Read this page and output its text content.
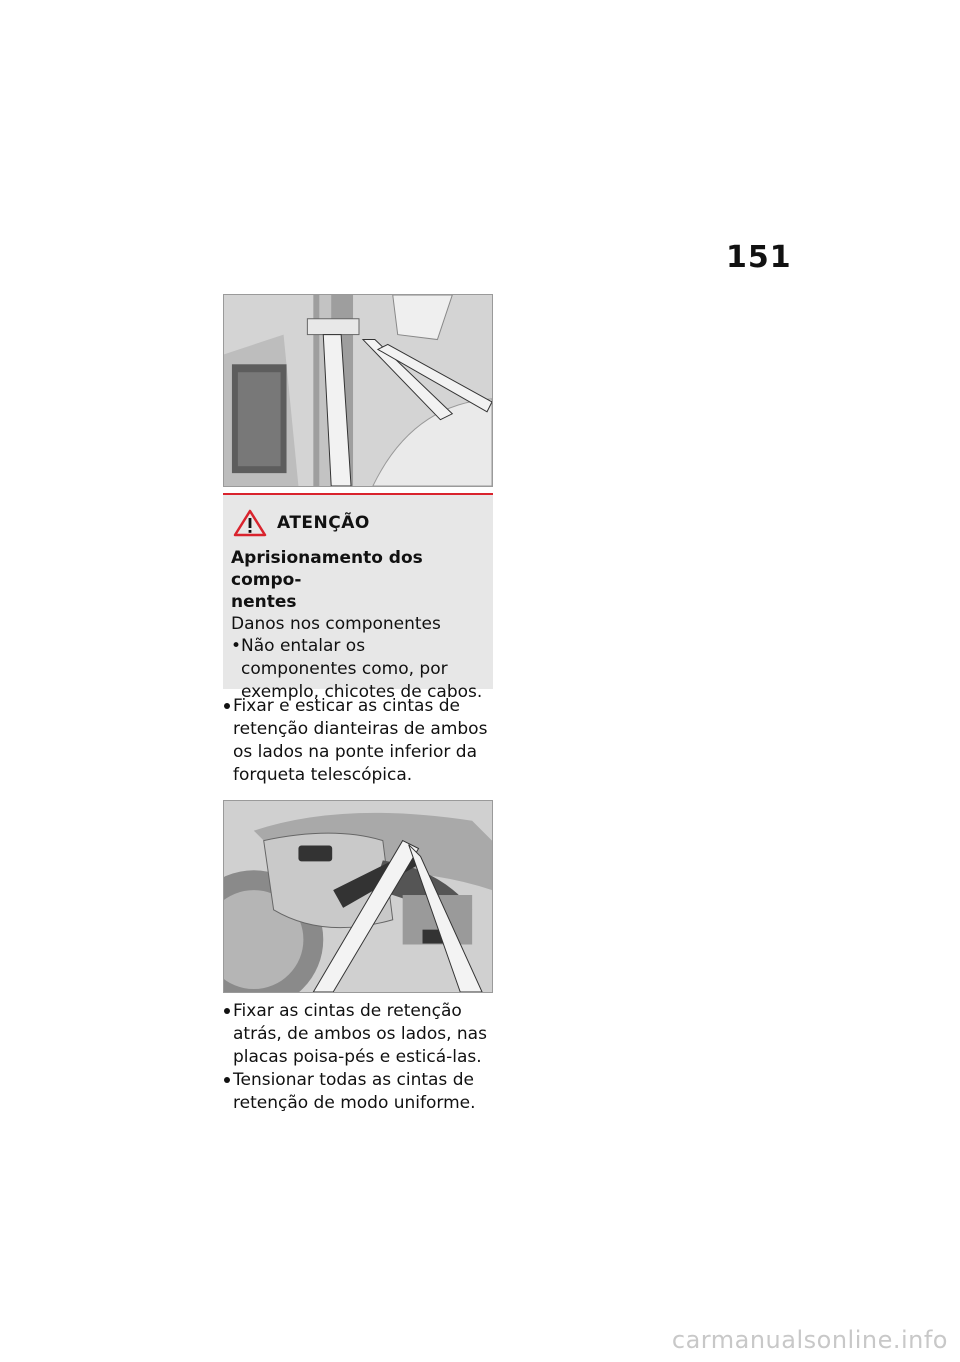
151
ATENÇÃO
Aprisionamento dos compo-
nentes
Danos nos componentes
• Não entalar os componentes como, por exemplo, chicotes de cabos.
Fixar e esticar as cintas de retenção dianteiras de ambos os lados na ponte inferior da forqueta telescópica.
Fixar as cintas de retenção atrás, de ambos os lados, nas placas poisa-pés e esticá-las.
Tensionar todas as cintas de retenção de modo uniforme.
carmanualsonline.info
